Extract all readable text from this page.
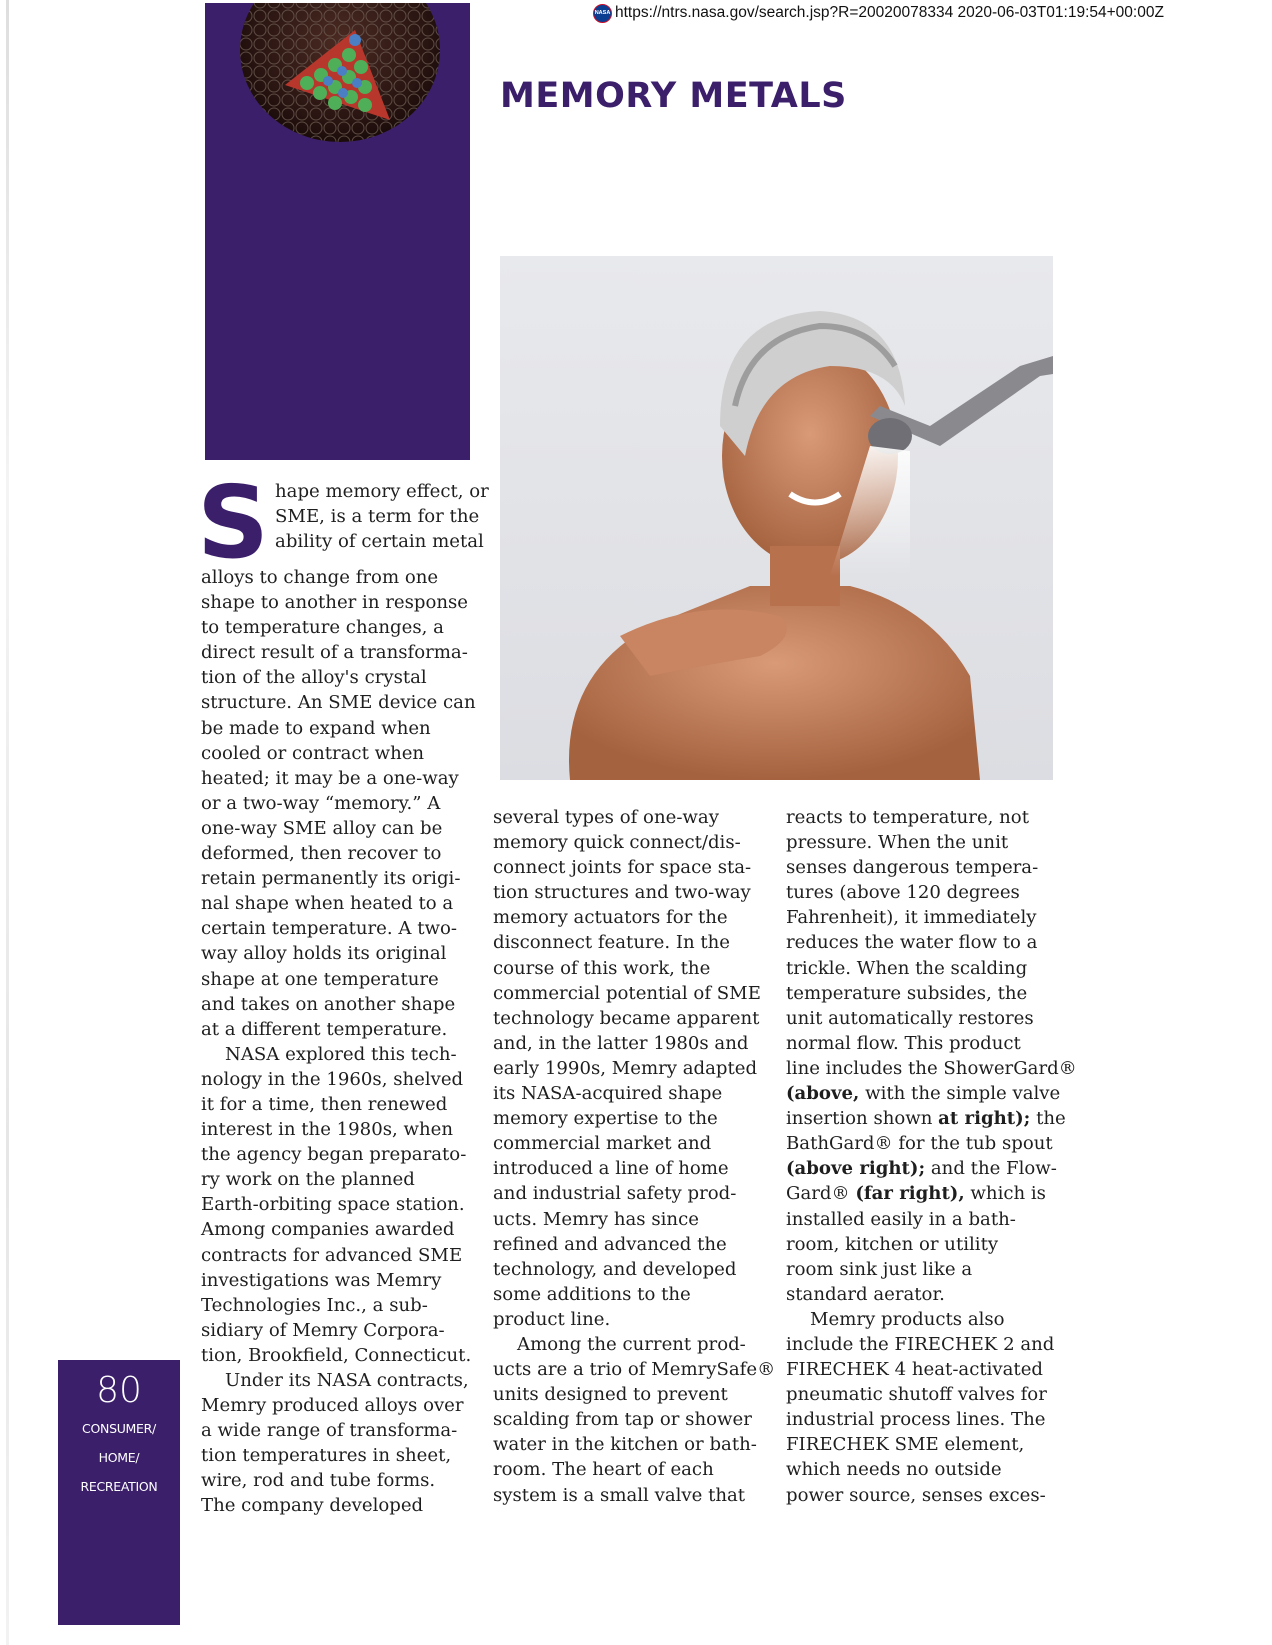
NASA https://ntrs.nasa.gov/search.jsp?R=20020078334 2020-06-03T01:19:54+00:00Z
MEMORY METALS
S hape memory effect, or
SME, is a term for the
ability of certain metal
alloys to change from one
shape to another in response
to temperature changes, a
direct result of a transforma-
tion of the alloy's crystal
structure. An SME device can
be made to expand when
cooled or contract when
heated; it may be a one-way
or a two-way “memory.” A
one-way SME alloy can be
deformed, then recover to
retain permanently its origi-
nal shape when heated to a
certain temperature. A two-
way alloy holds its original
shape at one temperature
and takes on another shape
at a different temperature.
NASA explored this tech-
nology in the 1960s, shelved
it for a time, then renewed
interest in the 1980s, when
the agency began preparato-
ry work on the planned
Earth-orbiting space station.
Among companies awarded
contracts for advanced SME
investigations was Memry
Technologies Inc., a sub-
sidiary of Memry Corpora-
tion, Brookfield, Connecticut.
Under its NASA contracts,
Memry produced alloys over
a wide range of transforma-
tion temperatures in sheet,
wire, rod and tube forms.
The company developed
several types of one-way
memory quick connect/dis-
connect joints for space sta-
tion structures and two-way
memory actuators for the
disconnect feature. In the
course of this work, the
commercial potential of SME
technology became apparent
and, in the latter 1980s and
early 1990s, Memry adapted
its NASA-acquired shape
memory expertise to the
commercial market and
introduced a line of home
and industrial safety prod-
ucts. Memry has since
refined and advanced the
technology, and developed
some additions to the
product line.
Among the current prod-
ucts are a trio of MemrySafe®
units designed to prevent
scalding from tap or shower
water in the kitchen or bath-
room. The heart of each
system is a small valve that
reacts to temperature, not
pressure. When the unit
senses dangerous tempera-
tures (above 120 degrees
Fahrenheit), it immediately
reduces the water flow to a
trickle. When the scalding
temperature subsides, the
unit automatically restores
normal flow. This product
line includes the ShowerGard®
(above, with the simple valve
insertion shown at right); the
BathGard® for the tub spout
(above right); and the Flow-
Gard® (far right), which is
installed easily in a bath-
room, kitchen or utility
room sink just like a
standard aerator.
Memry products also
include the FIRECHEK 2 and
FIRECHEK 4 heat-activated
pneumatic shutoff valves for
industrial process lines. The
FIRECHEK SME element,
which needs no outside
power source, senses exces-
80
CONSUMER/
HOME/
RECREATION
